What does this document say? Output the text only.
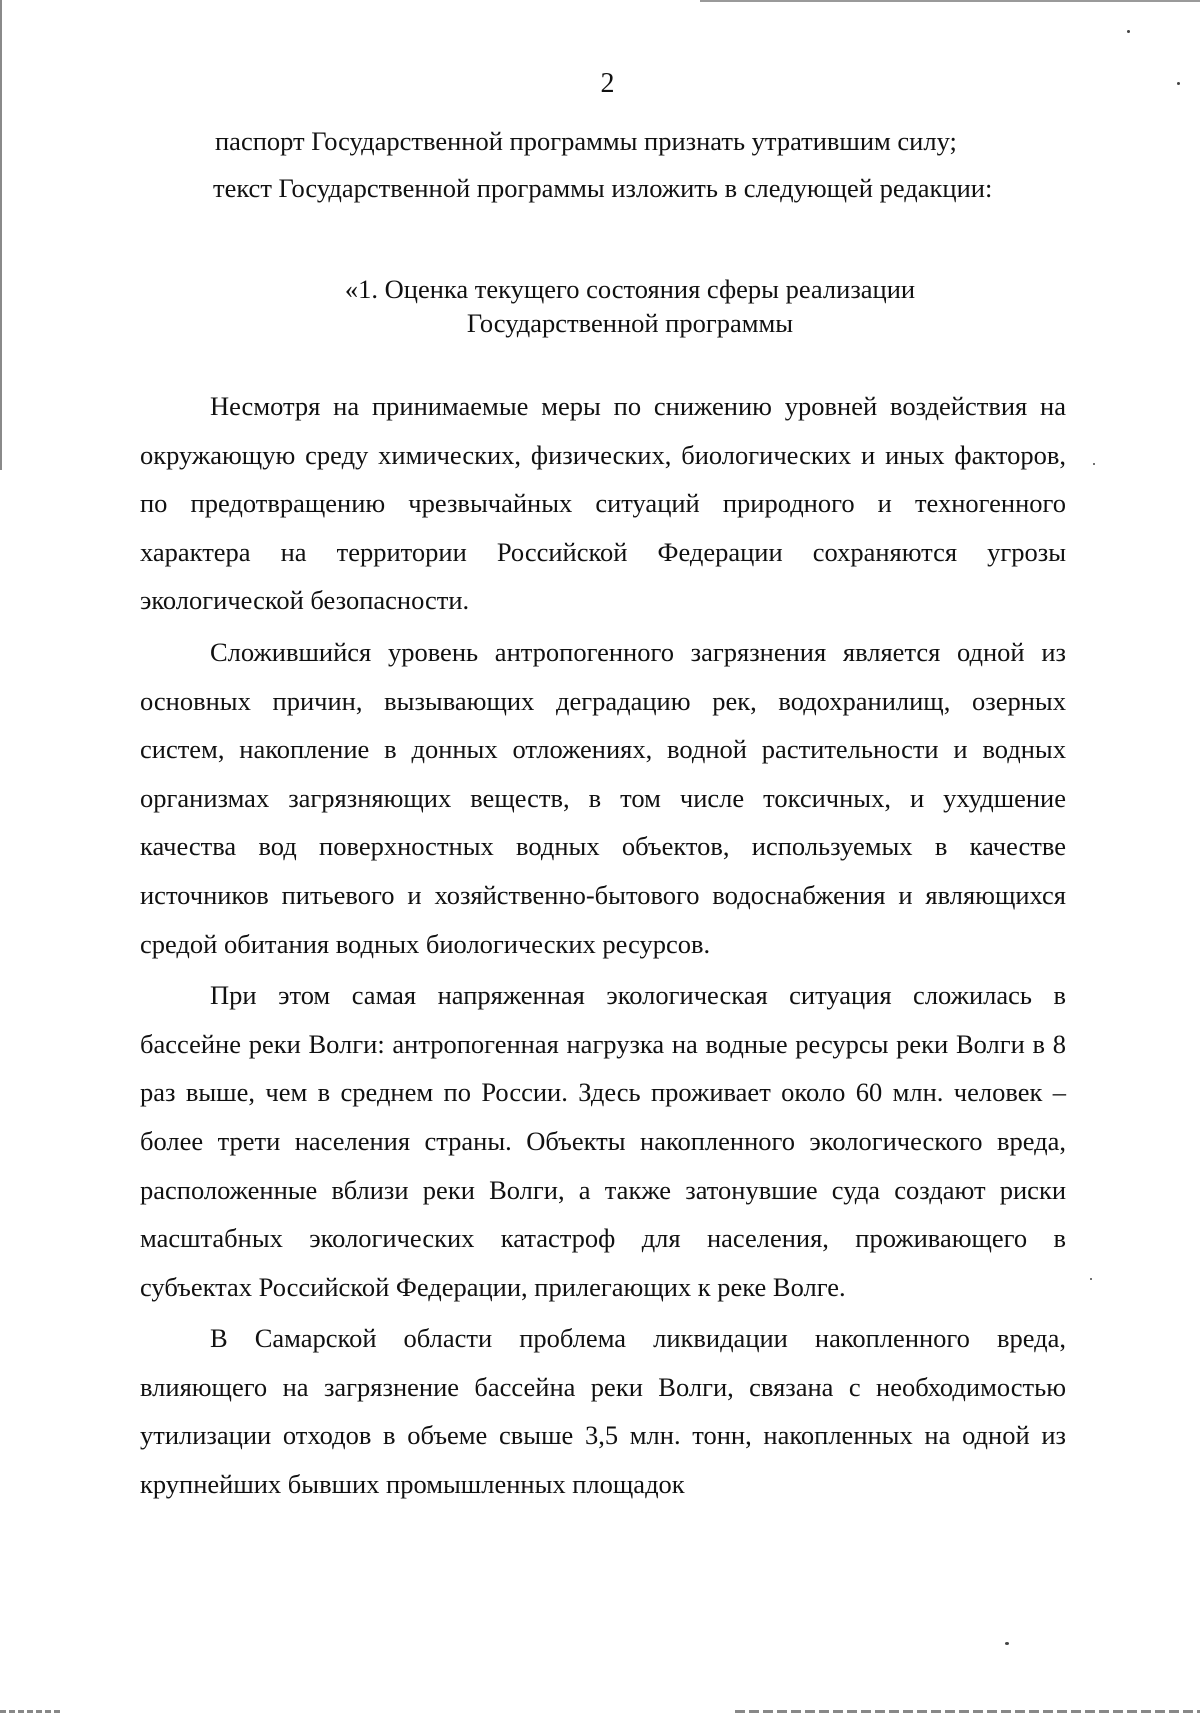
2
паспорт Государственной программы признать утратившим силу;
текст Государственной программы изложить в следующей редакции:
«1. Оценка текущего состояния сферы реализации
Государственной программы

Несмотря на принимаемые меры по снижению уровней воздействия на окружающую среду химических, физических, биологических и иных факторов, по предотвращению чрезвычайных ситуаций природного и техногенного характера на территории Российской Федерации сохраняются угрозы экологической безопасности.

Сложившийся уровень антропогенного загрязнения является одной из основных причин, вызывающих деградацию рек, водохранилищ, озерных систем, накопление в донных отложениях, водной растительности и водных организмах загрязняющих веществ, в том числе токсичных, и ухудшение качества вод поверхностных водных объектов, используемых в качестве источников питьевого и хозяйственно-бытового водоснабжения и являющихся средой обитания водных биологических ресурсов.

При этом самая напряженная экологическая ситуация сложилась в бассейне реки Волги: антропогенная нагрузка на водные ресурсы реки Волги в 8 раз выше, чем в среднем по России. Здесь проживает около 60 млн. человек – более трети населения страны. Объекты накопленного экологического вреда, расположенные вблизи реки Волги, а также затонувшие суда создают риски масштабных экологических катастроф для населения, проживающего в субъектах Российской Федерации, прилегающих к реке Волге.

В Самарской области проблема ликвидации накопленного вреда, влияющего на загрязнение бассейна реки Волги, связана с необходимостью утилизации отходов в объеме свыше 3,5 млн. тонн, накопленных на одной из крупнейших бывших промышленных площадок
